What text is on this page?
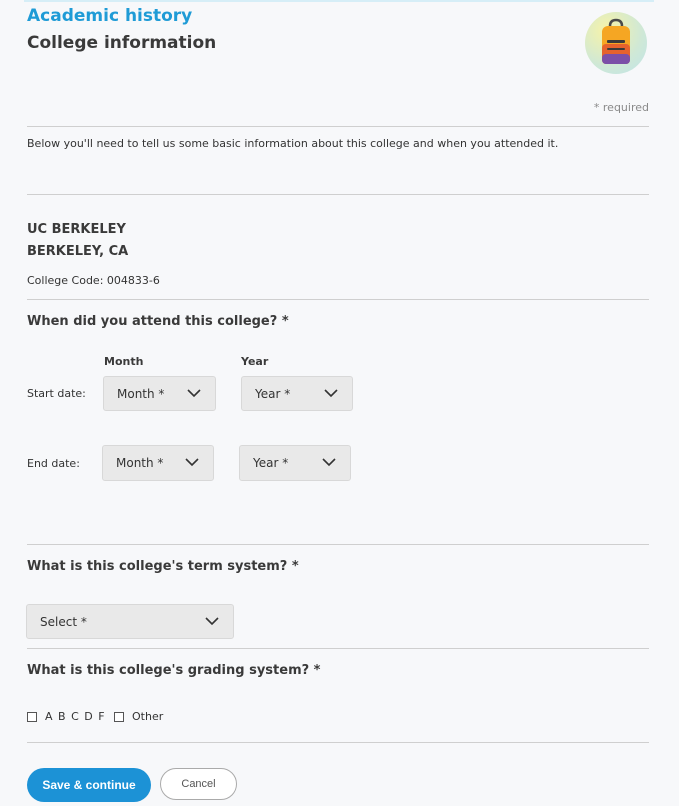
Academic history
College information
* required
Below you'll need to tell us some basic information about this college and when you attended it.
UC BERKELEY
BERKELEY, CA
College Code: 004833-6
When did you attend this college? *
Month	Year
Start date:	Month *	Year *
End date:	Month *	Year *
What is this college's term system? *
Select *
What is this college's grading system? *
A B C D F Other
Save & continue	Cancel
